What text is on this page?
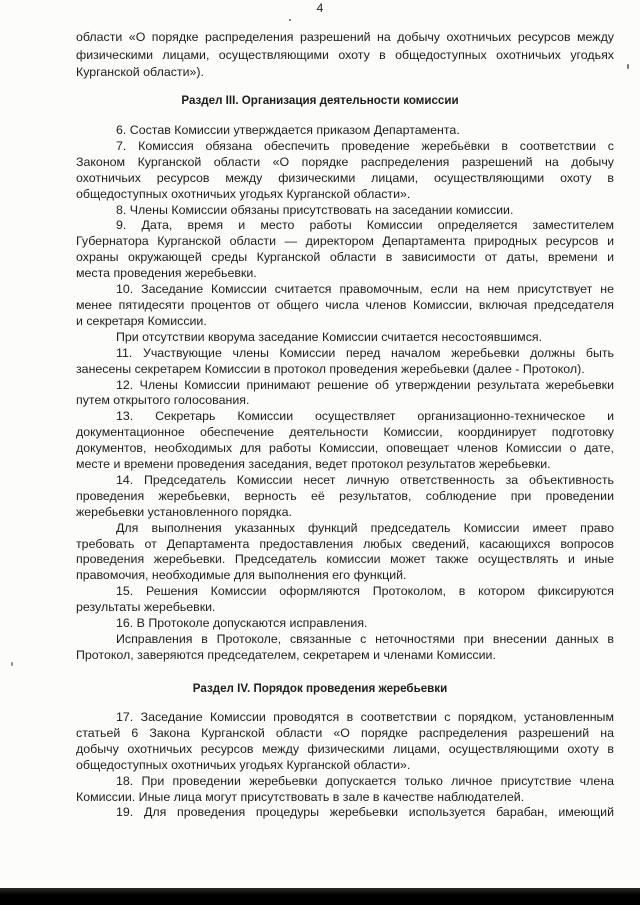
4
области «О порядке распределения разрешений на добычу охотничьих ресурсов между
физическими лицами, осуществляющими охоту в общедоступных охотничьих угодьях
Курганской области»).
Раздел III. Организация деятельности комиссии
6. Состав Комиссии утверждается приказом Департамента.
7. Комиссия обязана обеспечить проведение жеребьёвки в соответствии с
Законом Курганской области «О порядке распределения разрешений на добычу
охотничьих ресурсов между физическими лицами, осуществляющими охоту в
общедоступных охотничьих угодьях Курганской области».
8. Члены Комиссии обязаны присутствовать на заседании комиссии.
9. Дата, время и место работы Комиссии определяется заместителем
Губернатора Курганской области — директором Департамента природных ресурсов и
охраны окружающей среды Курганской области в зависимости от даты, времени и
места проведения жеребьевки.
10. Заседание Комиссии считается правомочным, если на нем присутствует не
менее пятидесяти процентов от общего числа членов Комиссии, включая председателя
и секретаря Комиссии.
При отсутствии кворума заседание Комиссии считается несостоявшимся.
11. Участвующие члены Комиссии перед началом жеребьевки должны быть
занесены секретарем Комиссии в протокол проведения жеребьевки (далее - Протокол).
12. Члены Комиссии принимают решение об утверждении результата жеребьевки
путем открытого голосования.
13. Секретарь Комиссии осуществляет организационно-техническое и
документационное обеспечение деятельности Комиссии, координирует подготовку
документов, необходимых для работы Комиссии, оповещает членов Комиссии о дате,
месте и времени проведения заседания, ведет протокол результатов жеребьевки.
14. Председатель Комиссии несет личную ответственность за объективность
проведения жеребьевки, верность её результатов, соблюдение при проведении
жеребьевки установленного порядка.
Для выполнения указанных функций председатель Комиссии имеет право
требовать от Департамента предоставления любых сведений, касающихся вопросов
проведения жеребьевки. Председатель комиссии может также осуществлять и иные
правомочия, необходимые для выполнения его функций.
15. Решения Комиссии оформляются Протоколом, в котором фиксируются
результаты жеребьевки.
16. В Протоколе допускаются исправления.
Исправления в Протоколе, связанные с неточностями при внесении данных в
Протокол, заверяются председателем, секретарем и членами Комиссии.
Раздел IV. Порядок проведения жеребьевки
17. Заседание Комиссии проводятся в соответствии с порядком, установленным
статьей 6 Закона Курганской области «О порядке распределения разрешений на
добычу охотничьих ресурсов между физическими лицами, осуществляющими охоту в
общедоступных охотничьих угодьях Курганской области».
18. При проведении жеребьевки допускается только личное присутствие члена
Комиссии. Иные лица могут присутствовать в зале в качестве наблюдателей.
19. Для проведения процедуры жеребьевки используется барабан, имеющий
